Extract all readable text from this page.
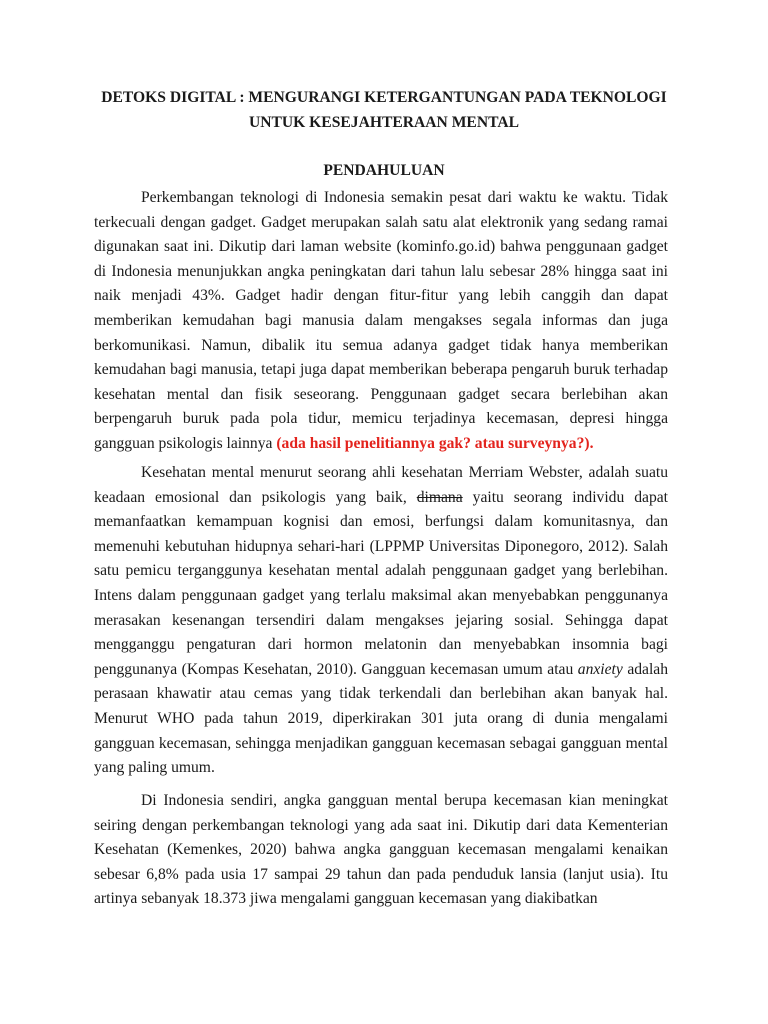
DETOKS DIGITAL : MENGURANGI KETERGANTUNGAN PADA TEKNOLOGI
UNTUK KESEJAHTERAAN MENTAL
PENDAHULUAN

Perkembangan teknologi di Indonesia semakin pesat dari waktu ke waktu. Tidak terkecuali dengan gadget. Gadget merupakan salah satu alat elektronik yang sedang ramai digunakan saat ini. Dikutip dari laman website (kominfo.go.id) bahwa penggunaan gadget di Indonesia menunjukkan angka peningkatan dari tahun lalu sebesar 28% hingga saat ini naik menjadi 43%. Gadget hadir dengan fitur-fitur yang lebih canggih dan dapat memberikan kemudahan bagi manusia dalam mengakses segala informas dan juga berkomunikasi. Namun, dibalik itu semua adanya gadget tidak hanya memberikan kemudahan bagi manusia, tetapi juga dapat memberikan beberapa pengaruh buruk terhadap kesehatan mental dan fisik seseorang. Penggunaan gadget secara berlebihan akan berpengaruh buruk pada pola tidur, memicu terjadinya kecemasan, depresi hingga gangguan psikologis lainnya (ada hasil penelitiannya gak? atau surveynya?).

Kesehatan mental menurut seorang ahli kesehatan Merriam Webster, adalah suatu keadaan emosional dan psikologis yang baik, dimana yaitu seorang individu dapat memanfaatkan kemampuan kognisi dan emosi, berfungsi dalam komunitasnya, dan memenuhi kebutuhan hidupnya sehari-hari (LPPMP Universitas Diponegoro, 2012). Salah satu pemicu terganggunya kesehatan mental adalah penggunaan gadget yang berlebihan. Intens dalam penggunaan gadget yang terlalu maksimal akan menyebabkan penggunanya merasakan kesenangan tersendiri dalam mengakses jejaring sosial. Sehingga dapat mengganggu pengaturan dari hormon melatonin dan menyebabkan insomnia bagi penggunanya (Kompas Kesehatan, 2010). Gangguan kecemasan umum atau anxiety adalah perasaan khawatir atau cemas yang tidak terkendali dan berlebihan akan banyak hal. Menurut WHO pada tahun 2019, diperkirakan 301 juta orang di dunia mengalami gangguan kecemasan, sehingga menjadikan gangguan kecemasan sebagai gangguan mental yang paling umum.

Di Indonesia sendiri, angka gangguan mental berupa kecemasan kian meningkat seiring dengan perkembangan teknologi yang ada saat ini. Dikutip dari data Kementerian Kesehatan (Kemenkes, 2020) bahwa angka gangguan kecemasan mengalami kenaikan sebesar 6,8% pada usia 17 sampai 29 tahun dan pada penduduk lansia (lanjut usia). Itu artinya sebanyak 18.373 jiwa mengalami gangguan kecemasan yang diakibatkan
